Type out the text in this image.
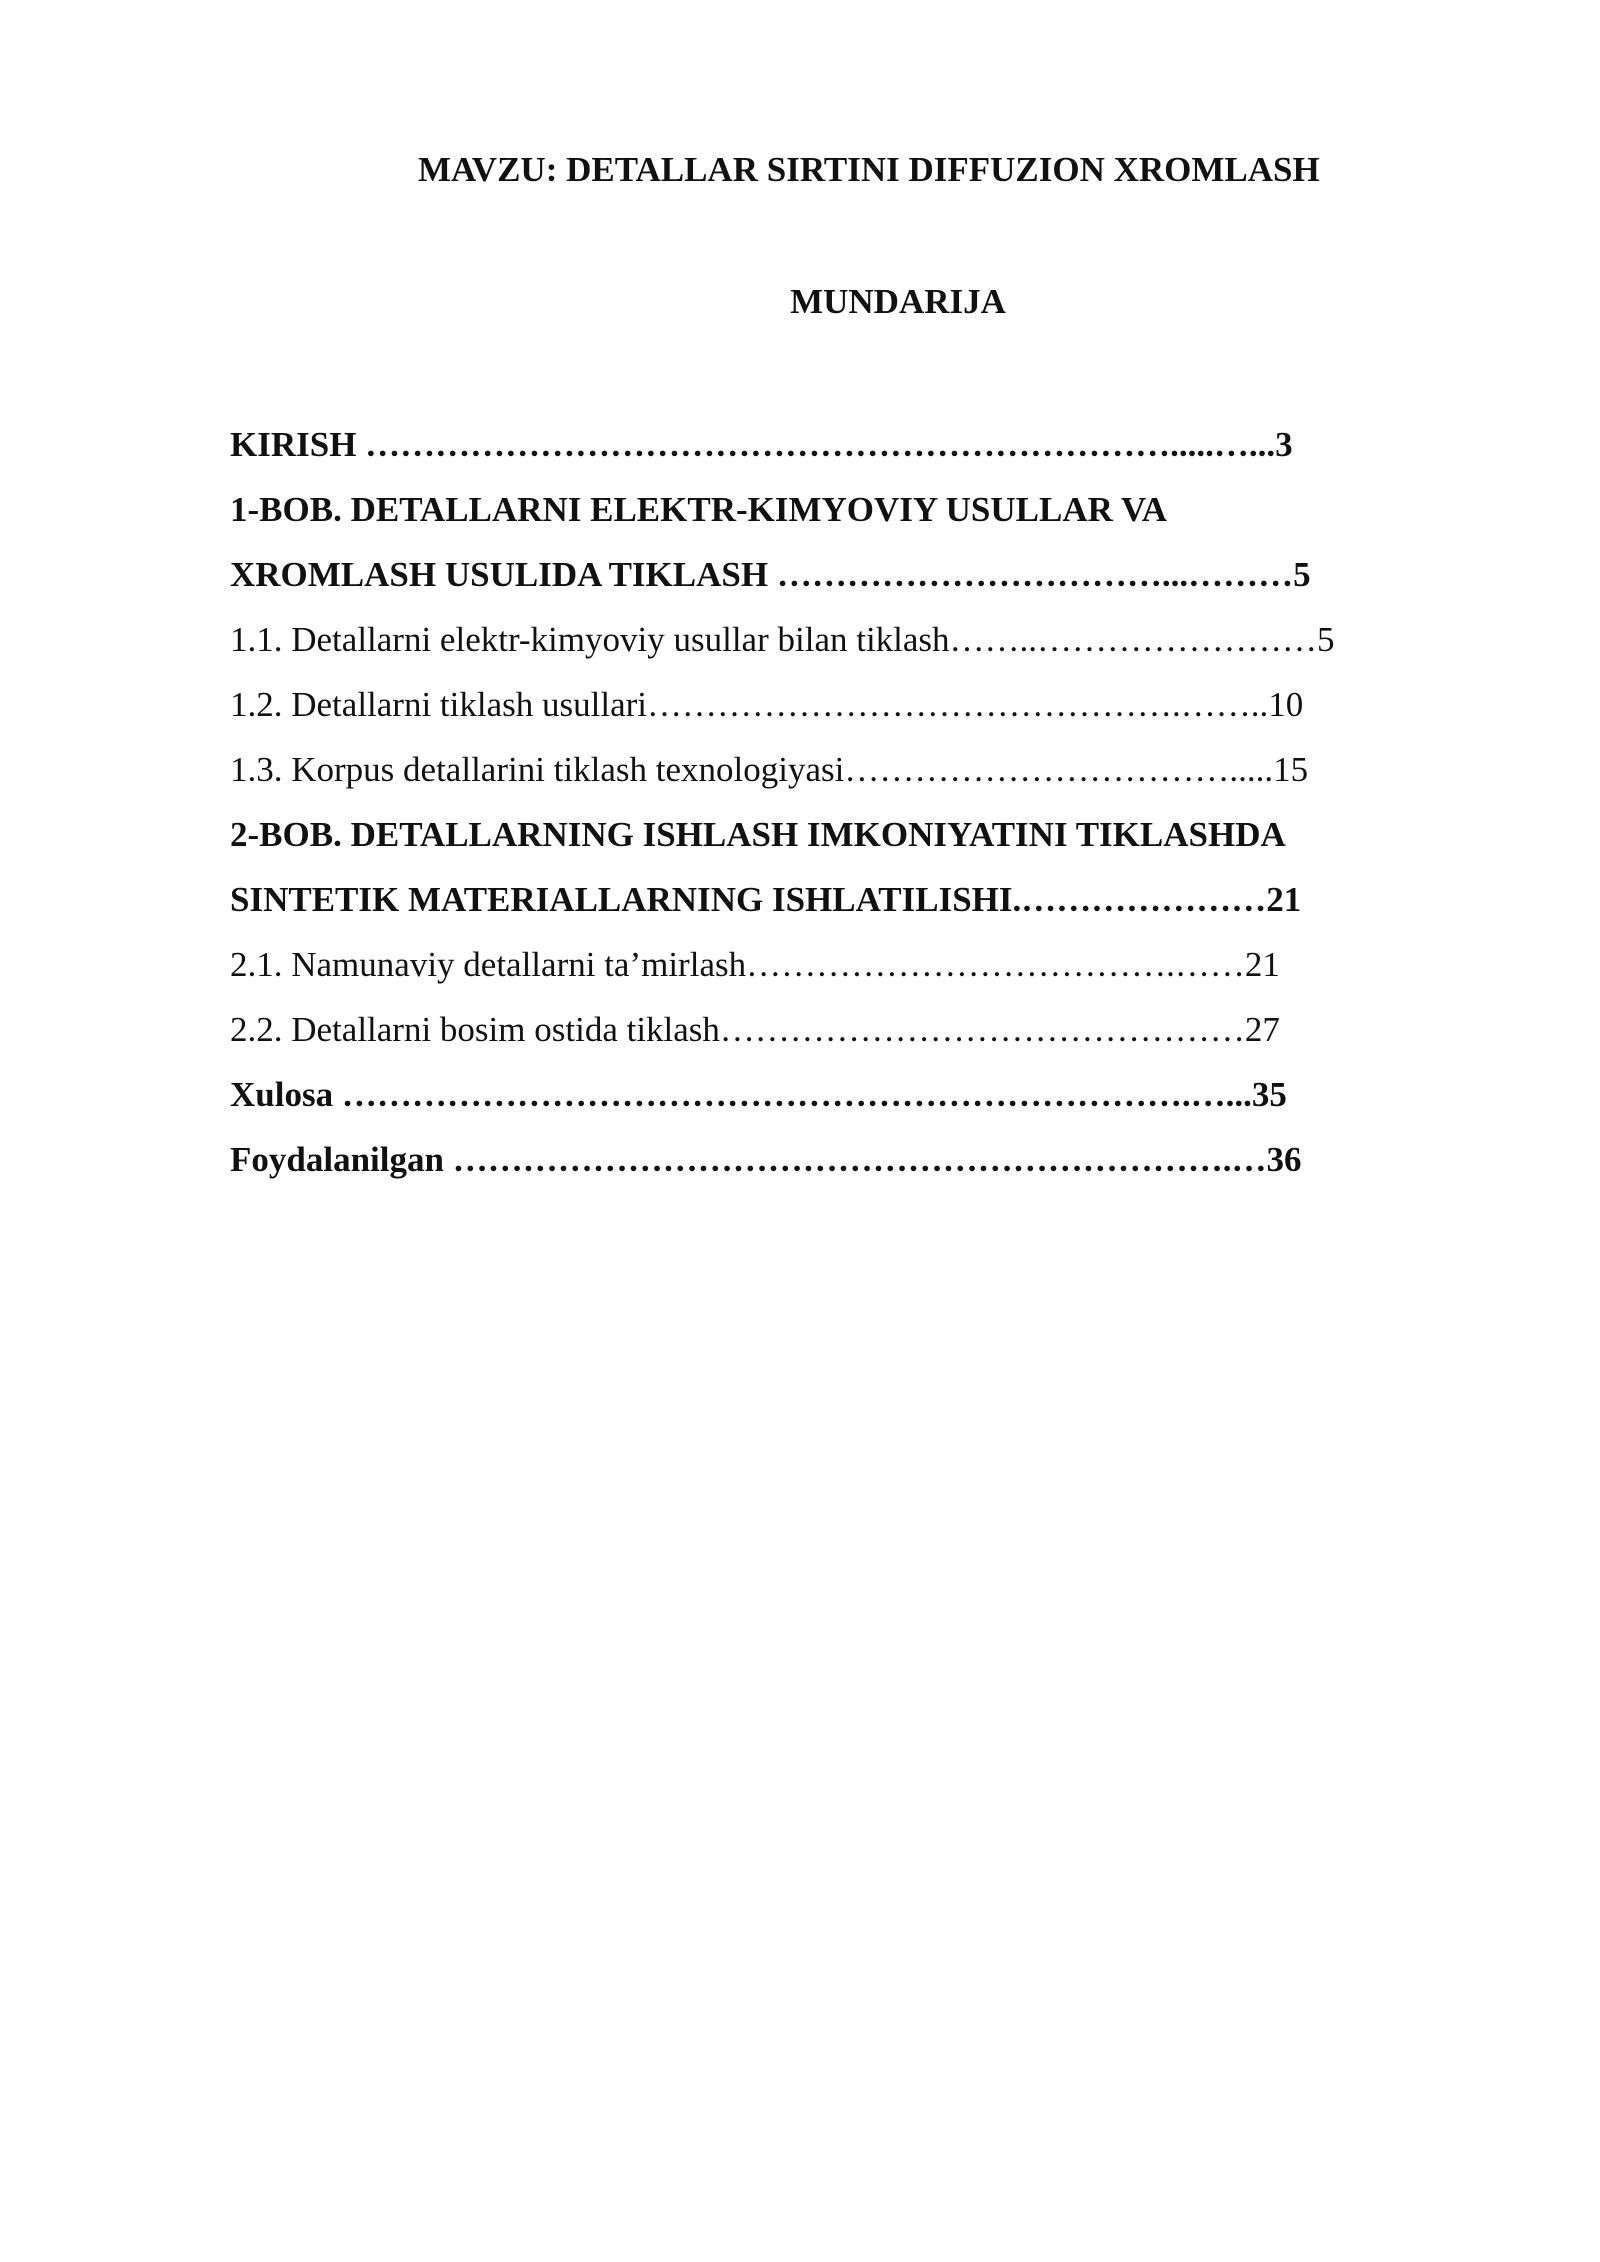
MAVZU: DETALLAR SIRTINI DIFFUZION XROMLASH
MUNDARIJA
KIRISH …………………………………………………………….....…...3
1-BOB. DETALLARNI ELEKTR-KIMYOVIY USULLAR VA
XROMLASH USULIDA TIKLASH ……………………………...………5
1.1. Detallarni elektr-kimyoviy usullar bilan tiklash……..……………………5
1.2. Detallarni tiklash usullari……………………………………….……..10
1.3. Korpus detallarini tiklash texnologiyasi…………………………….....15
2-BOB. DETALLARNING ISHLASH IMKONIYATINI TIKLASHDA
SINTETIK MATERIALLARNING ISHLATILISHI.…………………21
2.1. Namunaviy detallarni ta’mirlash……………………………….……21
2.2. Detallarni bosim ostida tiklash………………………………………27
Xulosa ……………………………………………………………….…...35
Foydalanilgan ………………………………………………………….…36
